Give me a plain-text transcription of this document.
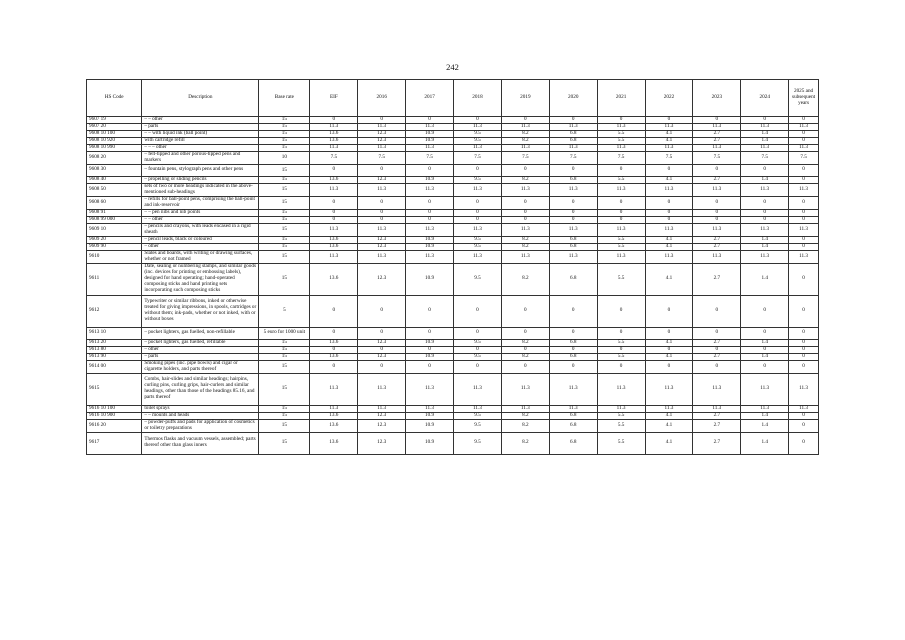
242
HS Code	Description	Base rate	EIF	2016	2017	2018	2019	2020	2021	2022	2023	2024	2025 and subsequent years
9607 19	– – other	15	0	0	0	0	0	0	0	0	0	0	0
9607 20	– parts	15	11.3	11.3	11.3	11.3	11.3	11.3	11.3	11.3	11.3	11.3	11.3
9608 10 100	– – with liquid ink (ball point)	15	13.6	12.3	10.9	9.5	8.2	6.8	5.5	4.1	2.7	1.4	0
9608 10 920	with cartridge refill	15	13.6	12.3	10.9	9.5	8.2	6.8	5.5	4.1	2.7	1.4	0
9608 10 990	– – – other	15	11.3	11.3	11.3	11.3	11.3	11.3	11.3	11.3	11.3	11.3	11.3
9608 20	– felt-tipped and other porous-tipped pens and markers	10	7.5	7.5	7.5	7.5	7.5	7.5	7.5	7.5	7.5	7.5	7.5
9608 30	– fountain pens, stylograph pens and other pens	15	0	0	0	0	0	0	0	0	0	0	0
9608 40	– propelling or sliding pencils	15	13.6	12.3	10.9	9.5	8.2	6.8	5.5	4.1	2.7	1.4	0
9608 50	sets of two or more headings indicated in the above-mentioned sub-headings	15	11.3	11.3	11.3	11.3	11.3	11.3	11.3	11.3	11.3	11.3	11.3
9608 60	– refills for ball-point pens, comprising the ball-point and ink-reservoir	15	0	0	0	0	0	0	0	0	0	0	0
9608 91	– – pen nibs and nib points	15	0	0	0	0	0	0	0	0	0	0	0
9608 99 000	– – other	15	0	0	0	0	0	0	0	0	0	0	0
9609 10	– pencils and crayons, with leads encased in a rigid sheath	15	11.3	11.3	11.3	11.3	11.3	11.3	11.3	11.3	11.3	11.3	11.3
9609 20	– pencil leads, black or coloured	15	13.6	12.3	10.9	9.5	8.2	6.8	5.5	4.1	2.7	1.4	0
9609 90	– other	15	13.6	12.3	10.9	9.5	8.2	6.8	5.5	4.1	2.7	1.4	0
9610	Slates and boards, with writing or drawing surfaces, whether or not framed	15	11.3	11.3	11.3	11.3	11.3	11.3	11.3	11.3	11.3	11.3	11.3
9611	Date, sealing or numbering stamps, and similar goods (inc. devices for printing or embossing labels), designed for hand operating; hand-operated composing sticks and hand printing sets incorporating such composing sticks	15	13.6	12.3	10.9	9.5	8.2	6.8	5.5	4.1	2.7	1.4	0
9612	Typewriter or similar ribbons, inked or otherwise treated for giving impressions, in spools, cartridges or without them; ink-pads, whether or not inked, with or without boxes	5	0	0	0	0	0	0	0	0	0	0	0
9613 10	– pocket lighters, gas fuelled, non-refillable	5 euro for 1000 unit	0	0	0	0	0	0	0	0	0	0	0
9613 20	– pocket lighters, gas fuelled, refillable	15	13.6	12.3	10.9	9.5	8.2	6.8	5.5	4.1	2.7	1.4	0
9613 80	– other	15	0	0	0	0	0	0	0	0	0	0	0
9613 90	– parts	15	13.6	12.3	10.9	9.5	8.2	6.8	5.5	4.1	2.7	1.4	0
9614 00	Smoking pipes (inc. pipe bowls) and cigar or cigarette holders, and parts thereof	15	0	0	0	0	0	0	0	0	0	0	0
9615	Combs, hair-slides and similar headings; hairpins, curling pins, curling grips, hair-curlers and similar headings, other than those of the headings 85.16, and parts thereof	15	11.3	11.3	11.3	11.3	11.3	11.3	11.3	11.3	11.3	11.3	11.3
9616 10 100	toilet sprays	15	11.3	11.3	11.3	11.3	11.3	11.3	11.3	11.3	11.3	11.3	11.3
9616 10 900	– – mounts and heads	15	13.6	12.3	10.9	9.5	8.2	6.8	5.5	4.1	2.7	1.4	0
9616 20	– powder-puffs and pads for application of cosmetics or toiletry preparations	15	13.6	12.3	10.9	9.5	8.2	6.8	5.5	4.1	2.7	1.4	0
9617	Thermos flasks and vacuum vessels, assembled; parts thereof other than glass inners	15	13.6	12.3	10.9	9.5	8.2	6.8	5.5	4.1	2.7	1.4	0
